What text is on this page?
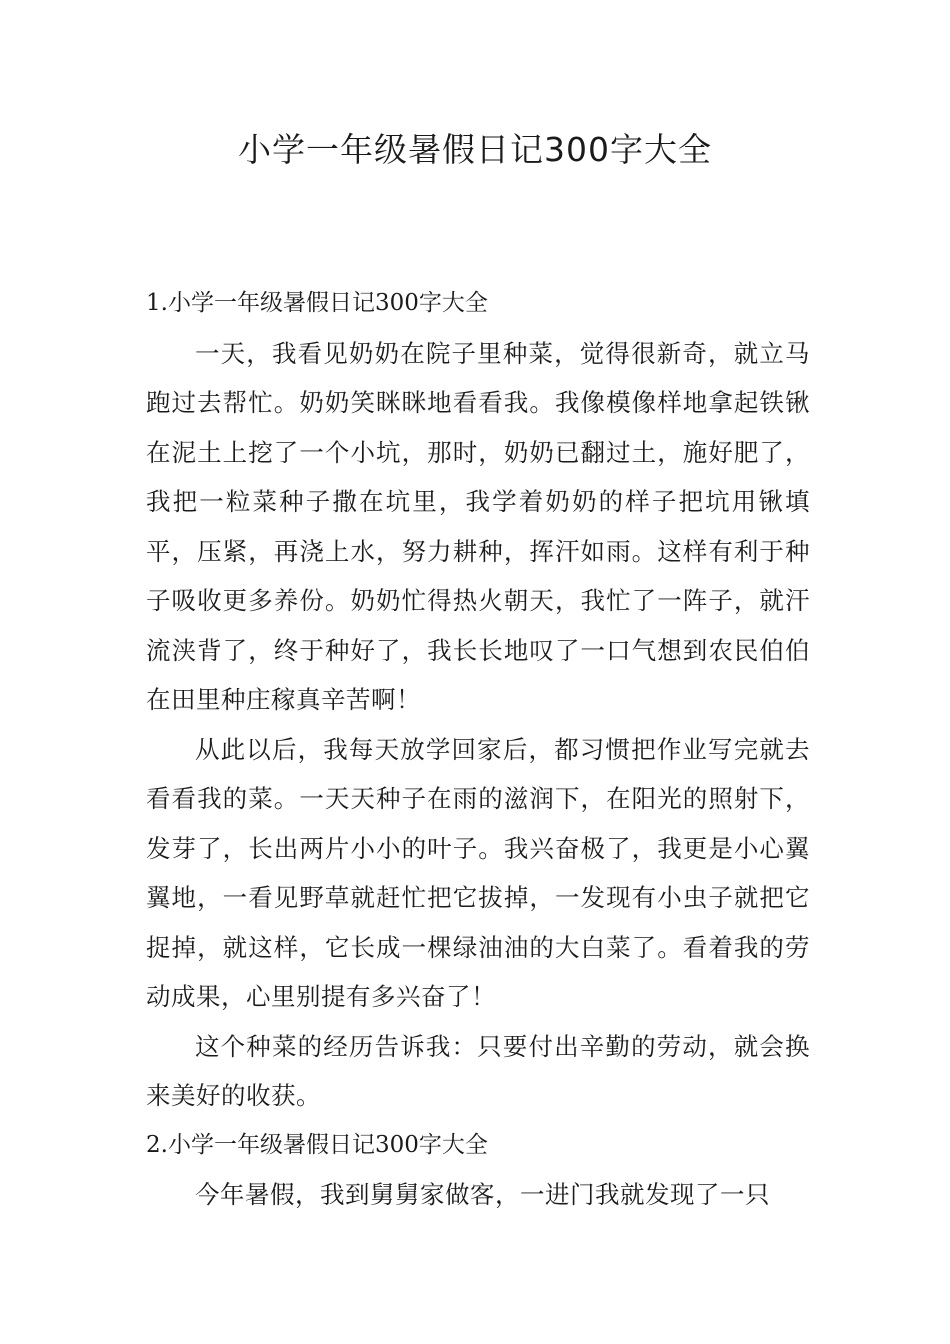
小学一年级暑假日记300字大全
1.小学一年级暑假日记300字大全

一天，我看见奶奶在院子里种菜，觉得很新奇，就立马跑过去帮忙。奶奶笑眯眯地看看我。我像模像样地拿起铁锹在泥土上挖了一个小坑，那时，奶奶已翻过土，施好肥了，我把一粒菜种子撒在坑里，我学着奶奶的样子把坑用锹填平，压紧，再浇上水，努力耕种，挥汗如雨。这样有利于种子吸收更多养份。奶奶忙得热火朝天，我忙了一阵子，就汗流浃背了，终于种好了，我长长地叹了一口气想到农民伯伯在田里种庄稼真辛苦啊！

从此以后，我每天放学回家后，都习惯把作业写完就去看看我的菜。一天天种子在雨的滋润下，在阳光的照射下，发芽了，长出两片小小的叶子。我兴奋极了，我更是小心翼翼地，一看见野草就赶忙把它拔掉，一发现有小虫子就把它捉掉，就这样，它长成一棵绿油油的大白菜了。看着我的劳动成果，心里别提有多兴奋了！

这个种菜的经历告诉我：只要付出辛勤的劳动，就会换来美好的收获。

2.小学一年级暑假日记300字大全

今年暑假，我到舅舅家做客，一进门我就发现了一只
